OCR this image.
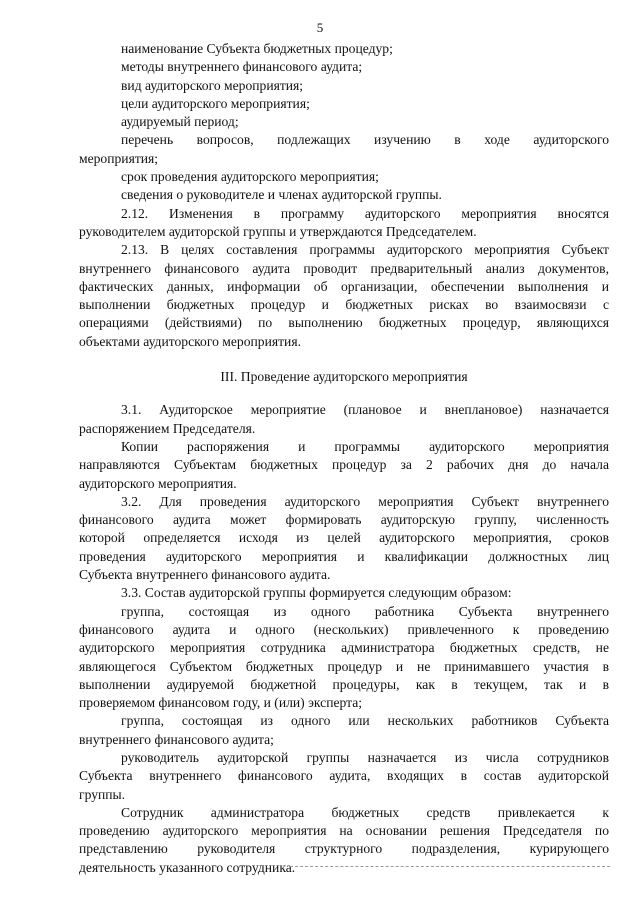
5
наименование Субъекта бюджетных процедур;
методы внутреннего финансового аудита;
вид аудиторского мероприятия;
цели аудиторского мероприятия;
аудируемый период;
перечень вопросов, подлежащих изучению в ходе аудиторского
мероприятия;
срок проведения аудиторского мероприятия;
сведения о руководителе и членах аудиторской группы.
2.12. Изменения в программу аудиторского мероприятия вносятся
руководителем аудиторской группы и утверждаются Председателем.
2.13. В целях составления программы аудиторского мероприятия Субъект
внутреннего финансового аудита проводит предварительный анализ документов,
фактических данных, информации об организации, обеспечении выполнения и
выполнении бюджетных процедур и бюджетных рисках во взаимосвязи с
операциями (действиями) по выполнению бюджетных процедур, являющихся
объектами аудиторского мероприятия.
III. Проведение аудиторского мероприятия
3.1. Аудиторское мероприятие (плановое и внеплановое) назначается
распоряжением Председателя.
Копии распоряжения и программы аудиторского мероприятия
направляются Субъектам бюджетных процедур за 2 рабочих дня до начала
аудиторского мероприятия.
3.2. Для проведения аудиторского мероприятия Субъект внутреннего
финансового аудита может формировать аудиторскую группу, численность
которой определяется исходя из целей аудиторского мероприятия, сроков
проведения аудиторского мероприятия и квалификации должностных лиц
Субъекта внутреннего финансового аудита.
3.3. Состав аудиторской группы формируется следующим образом:
группа, состоящая из одного работника Субъекта внутреннего
финансового аудита и одного (нескольких) привлеченного к проведению
аудиторского мероприятия сотрудника администратора бюджетных средств, не
являющегося Субъектом бюджетных процедур и не принимавшего участия в
выполнении аудируемой бюджетной процедуры, как в текущем, так и в
проверяемом финансовом году, и (или) эксперта;
группа, состоящая из одного или нескольких работников Субъекта
внутреннего финансового аудита;
руководитель аудиторской группы назначается из числа сотрудников
Субъекта внутреннего финансового аудита, входящих в состав аудиторской
группы.
Сотрудник администратора бюджетных средств привлекается к
проведению аудиторского мероприятия на основании решения Председателя по
представлению руководителя структурного подразделения, курирующего
деятельность указанного сотрудника.
